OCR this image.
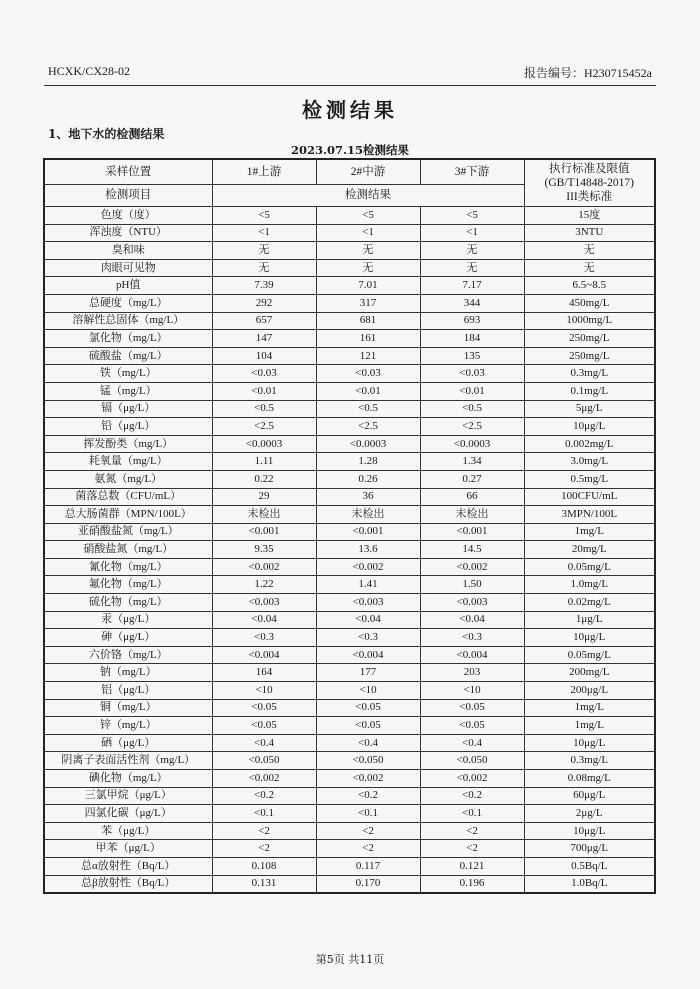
HCXK/CX28-02	报告编号：H230715452a
检测结果
1、地下水的检测结果
2023.07.15检测结果
采样位置	1#上游	2#中游	3#下游	执行标准及限值
(GB/T14848-2017)
III类标准

检测项目	检测结果			
色度（度）	<5	<5	<5	15度
浑浊度（NTU）	<1	<1	<1	3NTU
臭和味	无	无	无	无
肉眼可见物	无	无	无	无
pH值	7.39	7.01	7.17	6.5~8.5
总硬度（mg/L）	292	317	344	450mg/L
溶解性总固体（mg/L）	657	681	693	1000mg/L
氯化物（mg/L）	147	161	184	250mg/L
硫酸盐（mg/L）	104	121	135	250mg/L
铁（mg/L）	<0.03	<0.03	<0.03	0.3mg/L
锰（mg/L）	<0.01	<0.01	<0.01	0.1mg/L
镉（μg/L）	<0.5	<0.5	<0.5	5μg/L
铅（μg/L）	<2.5	<2.5	<2.5	10μg/L
挥发酚类（mg/L）	<0.0003	<0.0003	<0.0003	0.002mg/L
耗氧量（mg/L）	1.11	1.28	1.34	3.0mg/L
氨氮（mg/L）	0.22	0.26	0.27	0.5mg/L
菌落总数（CFU/mL）	29	36	66	100CFU/mL
总大肠菌群（MPN/100L）	未检出	未检出	未检出	3MPN/100L
亚硝酸盐氮（mg/L）	<0.001	<0.001	<0.001	1mg/L
硝酸盐氮（mg/L）	9.35	13.6	14.5	20mg/L
氰化物（mg/L）	<0.002	<0.002	<0.002	0.05mg/L
氟化物（mg/L）	1.22	1.41	1.50	1.0mg/L
硫化物（mg/L）	<0.003	<0.003	<0.003	0.02mg/L
汞（μg/L）	<0.04	<0.04	<0.04	1μg/L
砷（μg/L）	<0.3	<0.3	<0.3	10μg/L
六价铬（mg/L）	<0.004	<0.004	<0.004	0.05mg/L
钠（mg/L）	164	177	203	200mg/L
铝（μg/L）	<10	<10	<10	200μg/L
铜（mg/L）	<0.05	<0.05	<0.05	1mg/L
锌（mg/L）	<0.05	<0.05	<0.05	1mg/L
硒（μg/L）	<0.4	<0.4	<0.4	10μg/L
阴离子表面活性剂（mg/L）	<0.050	<0.050	<0.050	0.3mg/L
碘化物（mg/L）	<0.002	<0.002	<0.002	0.08mg/L
三氯甲烷（μg/L）	<0.2	<0.2	<0.2	60μg/L
四氯化碳（μg/L）	<0.1	<0.1	<0.1	2μg/L
苯（μg/L）	<2	<2	<2	10μg/L
甲苯（μg/L）	<2	<2	<2	700μg/L
总α放射性（Bq/L）	0.108	0.117	0.121	0.5Bq/L
总β放射性（Bq/L）	0.131	0.170	0.196	1.0Bq/L
第5页 共11页
